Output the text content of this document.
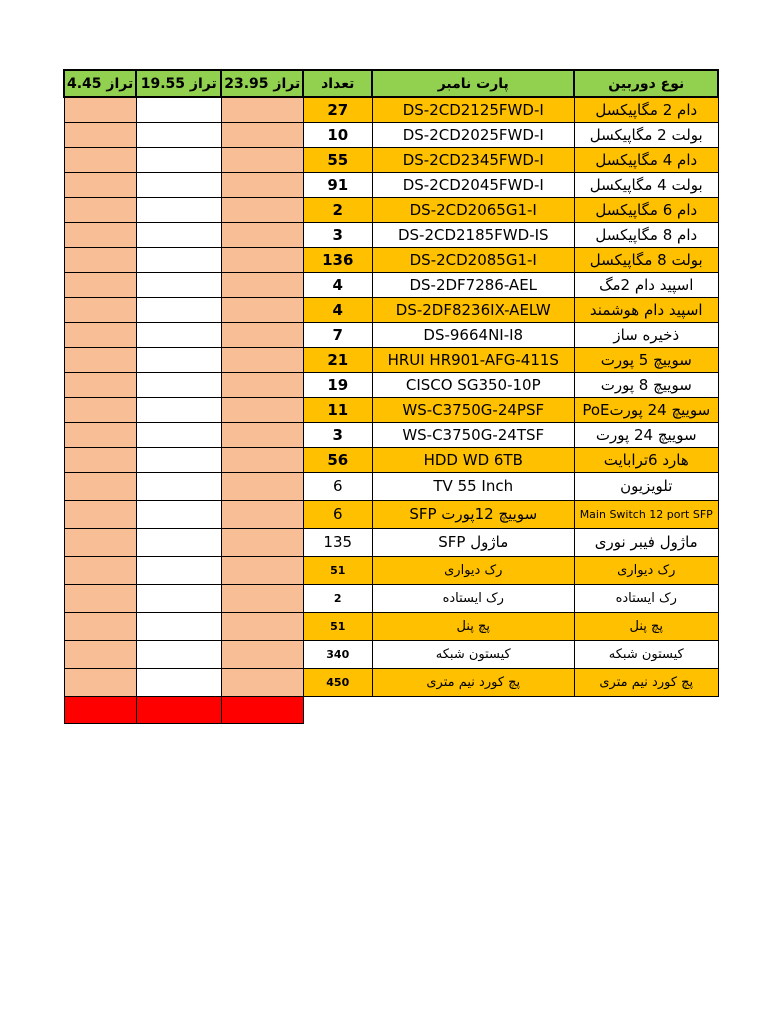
تراز 4.45	تراز 19.55	تراز 23.95	تعداد	پارت نامبر	نوع دوربین
			27	DS-2CD2125FWD-I	دام 2 مگاپیکسل
			10	DS-2CD2025FWD-I	بولت 2 مگاپیکسل
			55	DS-2CD2345FWD-I	دام 4 مگاپیکسل
			91	DS-2CD2045FWD-I	بولت 4 مگاپیکسل
			2	DS-2CD2065G1-I	دام 6 مگاپیکسل
			3	DS-2CD2185FWD-IS	دام 8 مگاپیکسل
			136	DS-2CD2085G1-I	بولت 8 مگاپیکسل
			4	DS-2DF7286-AEL	اسپید دام 2مگ
			4	DS-2DF8236IX-AELW	اسپید دام هوشمند
			7	DS-9664NI-I8	ذخیره ساز
			21	HRUI HR901-AFG-411S	سوییچ 5 پورت
			19	CISCO SG350-10P	سوییچ 8 پورت
			11	WS-C3750G-24PSF	سوییچ 24 پورتPoE
			3	WS-C3750G-24TSF	سوییچ 24 پورت
			56	HDD WD 6TB	هارد 6ترابایت
			6	TV 55 Inch	تلویزیون
			6	سوییچ 12پورت SFP	Main Switch 12 port SFP
			135	ماژول SFP	ماژول فیبر نوری
			51	رک دیواری	رک دیواری
			2	رک ایستاده	رک ایستاده
			51	پچ پنل	پچ پنل
			340	کیستون شبکه	کیستون شبکه
			450	پچ کورد نیم متری	پچ کورد نیم متری
